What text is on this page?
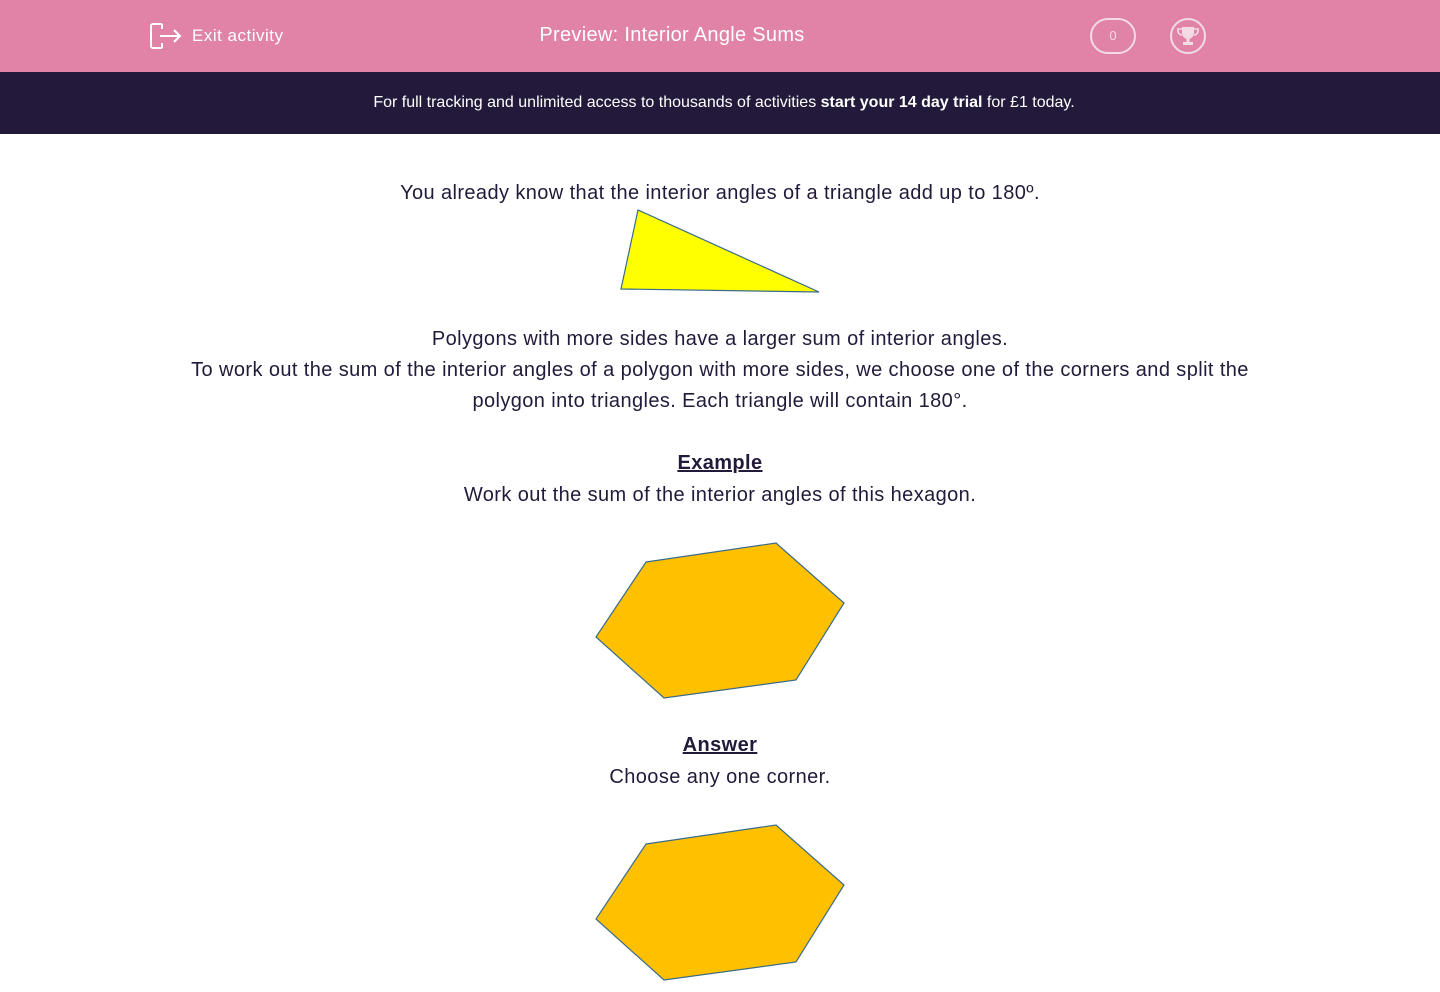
Exit activity	Preview: Interior Angle Sums	0
For full tracking and unlimited access to thousands of activities start your 14 day trial for £1 today.
You already know that the interior angles of a triangle add up to 180º.
Polygons with more sides have a larger sum of interior angles.
To work out the sum of the interior angles of a polygon with more sides, we choose one of the corners and split the
polygon into triangles. Each triangle will contain 180°.
Example
Work out the sum of the interior angles of this hexagon.
Answer
Choose any one corner.
